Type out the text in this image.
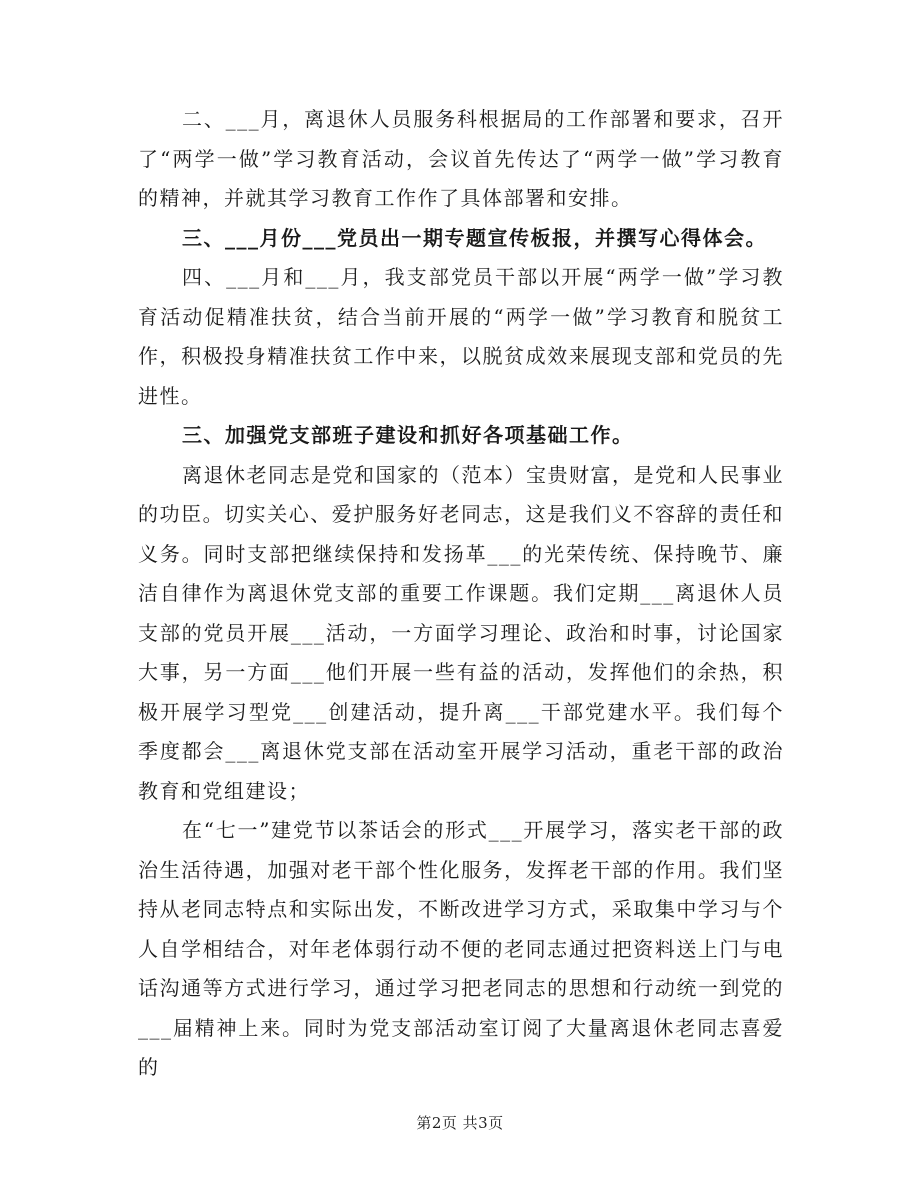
二、___月，离退休人员服务科根据局的工作部署和要求，召开了“两学一做”学习教育活动，会议首先传达了“两学一做”学习教育的精神，并就其学习教育工作作了具体部署和安排。

三、___月份___党员出一期专题宣传板报，并撰写心得体会。

四、___月和___月，我支部党员干部以开展“两学一做”学习教育活动促精准扶贫，结合当前开展的“两学一做”学习教育和脱贫工作，积极投身精准扶贫工作中来，以脱贫成效来展现支部和党员的先进性。

三、加强党支部班子建设和抓好各项基础工作。

离退休老同志是党和国家的（范本）宝贵财富，是党和人民事业的功臣。切实关心、爱护服务好老同志，这是我们义不容辞的责任和义务。同时支部把继续保持和发扬革___的光荣传统、保持晚节、廉洁自律作为离退休党支部的重要工作课题。我们定期___离退休人员支部的党员开展___活动，一方面学习理论、政治和时事，讨论国家大事，另一方面___他们开展一些有益的活动，发挥他们的余热，积极开展学习型党___创建活动，提升离___干部党建水平。我们每个季度都会___离退休党支部在活动室开展学习活动，重老干部的政治教育和党组建设；

在“七一”建党节以茶话会的形式___开展学习，落实老干部的政治生活待遇，加强对老干部个性化服务，发挥老干部的作用。我们坚持从老同志特点和实际出发，不断改进学习方式，采取集中学习与个人自学相结合，对年老体弱行动不便的老同志通过把资料送上门与电话沟通等方式进行学习，通过学习把老同志的思想和行动统一到党的___届精神上来。同时为党支部活动室订阅了大量离退休老同志喜爱的

第2页 共3页
